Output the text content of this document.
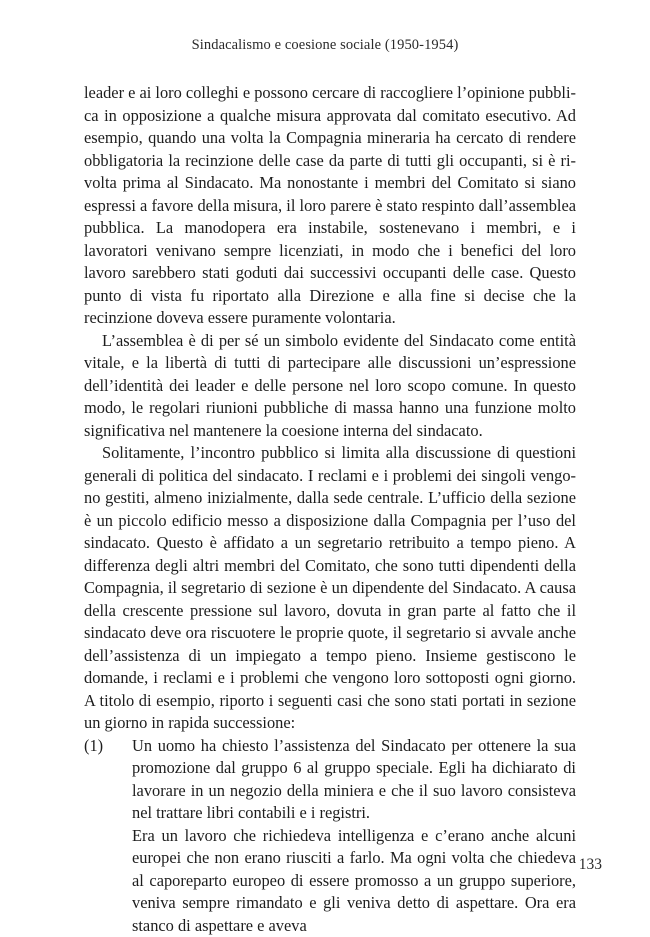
Sindacalismo e coesione sociale (1950-1954)

leader e ai loro colleghi e possono cercare di raccogliere l’opinione pubblica in opposizione a qualche misura approvata dal comitato esecutivo. Ad esempio, quando una volta la Compagnia mineraria ha cercato di rendere obbligatoria la recinzione delle case da parte di tutti gli occupanti, si è rivolta prima al Sindacato. Ma nonostante i membri del Comitato si siano espressi a favore della misura, il loro parere è stato respinto dall’assemblea pubblica. La manodopera era instabile, sostenevano i membri, e i lavoratori venivano sempre licenziati, in modo che i benefici del loro lavoro sarebbero stati goduti dai successivi occupanti delle case. Questo punto di vista fu riportato alla Direzione e alla fine si decise che la recinzione doveva essere puramente volontaria.

L’assemblea è di per sé un simbolo evidente del Sindacato come entità vitale, e la libertà di tutti di partecipare alle discussioni un’espressione dell’identità dei leader e delle persone nel loro scopo comune. In questo modo, le regolari riunioni pubbliche di massa hanno una funzione molto significativa nel mantenere la coesione interna del sindacato.

Solitamente, l’incontro pubblico si limita alla discussione di questioni generali di politica del sindacato. I reclami e i problemi dei singoli vengono gestiti, almeno inizialmente, dalla sede centrale. L’ufficio della sezione è un piccolo edificio messo a disposizione dalla Compagnia per l’uso del sindacato. Questo è affidato a un segretario retribuito a tempo pieno. A differenza degli altri membri del Comitato, che sono tutti dipendenti della Compagnia, il segretario di sezione è un dipendente del Sindacato. A causa della crescente pressione sul lavoro, dovuta in gran parte al fatto che il sindacato deve ora riscuotere le proprie quote, il segretario si avvale anche dell’assistenza di un impiegato a tempo pieno. Insieme gestiscono le domande, i reclami e i problemi che vengono loro sottoposti ogni giorno. A titolo di esempio, riporto i seguenti casi che sono stati portati in sezione un giorno in rapida successione:

(1) Un uomo ha chiesto l’assistenza del Sindacato per ottenere la sua promozione dal gruppo 6 al gruppo speciale. Egli ha dichiarato di lavorare in un negozio della miniera e che il suo lavoro consisteva nel trattare libri contabili e i registri.

Era un lavoro che richiedeva intelligenza e c’erano anche alcuni europei che non erano riusciti a farlo. Ma ogni volta che chiedeva al caporeparto europeo di essere promosso a un gruppo superiore, veniva sempre rimandato e gli veniva detto di aspettare. Ora era stanco di aspettare e aveva

133
